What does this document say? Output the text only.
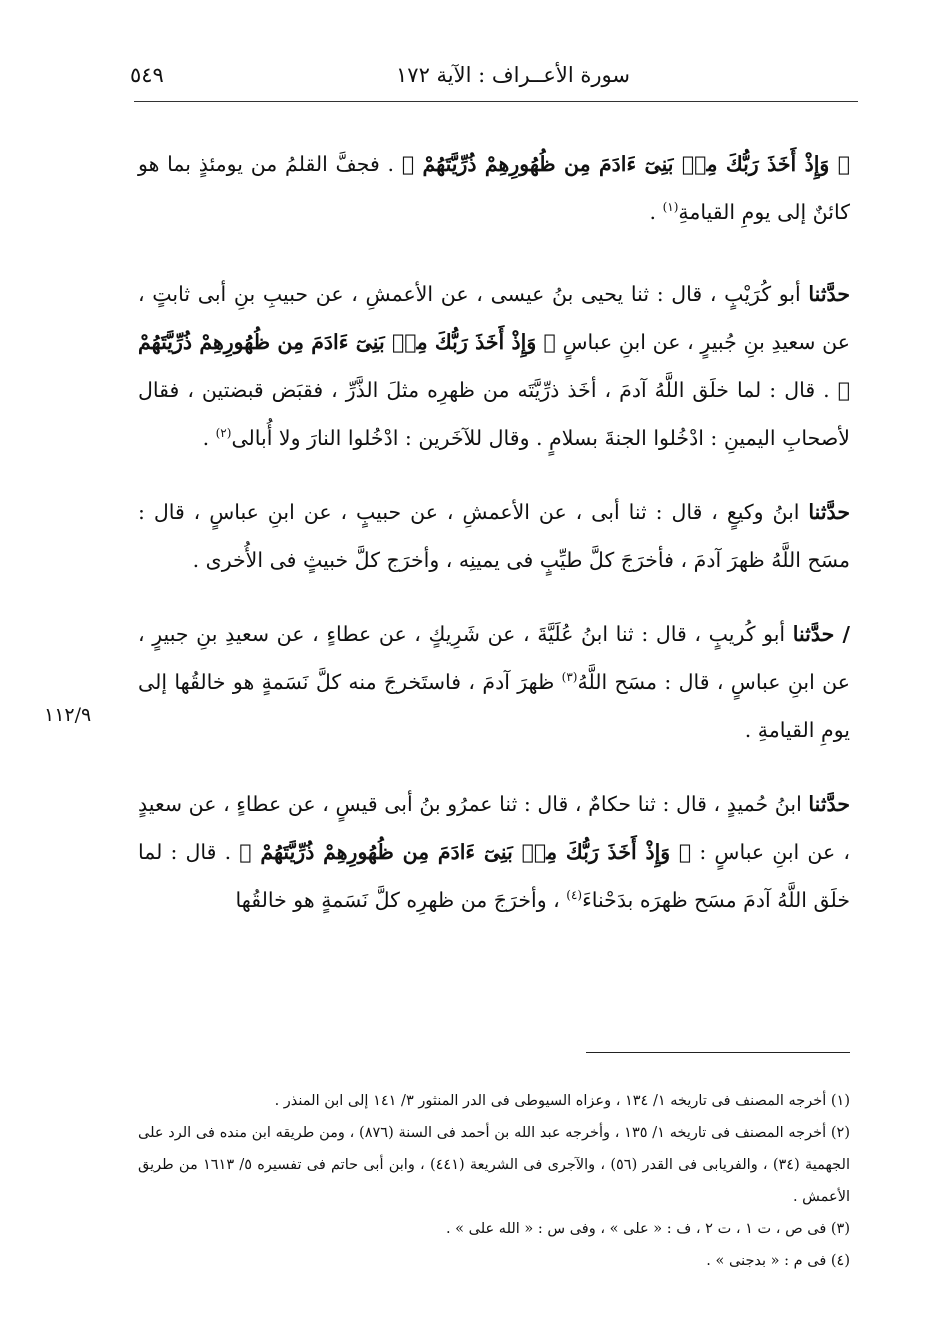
سورة الأعــراف : الآية ١٧٢
٥٤٩
١١٢/٩

﴿ وَإِذْ أَخَذَ رَبُّكَ مِنۢ بَنِىٓ ءَادَمَ مِن ظُهُورِهِمْ ذُرِّيَّتَهُمْ ﴾ . فجفَّ القلمُ من يومئذٍ بما هو كائنٌ إلى يومِ القيامةِ$^{(١)}$ .

حدَّثنا أبو كُرَيْبٍ ، قال : ثنا يحيى بنُ عيسى ، عن الأعمشِ ، عن حبيبِ بنِ أبى ثابتٍ ، عن سعيدِ بنِ جُبيرٍ ، عن ابنِ عباسٍ ﴿ وَإِذْ أَخَذَ رَبُّكَ مِنۢ بَنِىٓ ءَادَمَ مِن ظُهُورِهِمْ ذُرِّيَّتَهُمْ ﴾ . قال : لما خلَق اللَّهُ آدمَ ، أخَذ ذرِّيَّتَه من ظهرِه مثلَ الذَّرِّ ، فقبَض قبضتين ، فقال لأصحابِ اليمينِ : ادْخُلوا الجنةَ بسلامٍ . وقال للآخَرين : ادْخُلوا النارَ ولا أُبالى$^{(٢)}$ .

حدَّثنا ابنُ وكيعٍ ، قال : ثنا أبى ، عن الأعمشِ ، عن حبيبٍ ، عن ابنِ عباسٍ ، قال : مسَح اللَّهُ ظهرَ آدمَ ، فأخرَجَ كلَّ طيِّبٍ فى يمينِه ، وأخرَج كلَّ خبيثٍ فى الأُخرى .

/ حدَّثنا أبو كُريبٍ ، قال : ثنا ابنُ عُلَيَّةَ ، عن شَرِيكٍ ، عن عطاءٍ ، عن سعيدِ بنِ جبيرٍ ، عن ابنِ عباسٍ ، قال : مسَح اللَّهُ$^{(٣)}$ ظهرَ آدمَ ، فاستَخرجَ منه كلَّ نَسَمةٍ هو خالقُها إلى يومِ القيامةِ .

حدَّثنا ابنُ حُميدٍ ، قال : ثنا حكامٌ ، قال : ثنا عمرُو بنُ أبى قيسٍ ، عن عطاءٍ ، عن سعيدٍ ، عن ابنِ عباسٍ : ﴿ وَإِذْ أَخَذَ رَبُّكَ مِنۢ بَنِىٓ ءَادَمَ مِن ظُهُورِهِمْ ذُرِّيَّتَهُمْ ﴾ . قال : لما خلَق اللَّهُ آدمَ مسَح ظهرَه بدَحْناءَ$^{(٤)}$ ، وأخرَجَ من ظهرِه كلَّ نَسَمةٍ هو خالقُها

(١) أخرجه المصنف فى تاريخه ١/ ١٣٤ ، وعزاه السيوطى فى الدر المنثور ٣/ ١٤١ إلى ابن المنذر .

(٢) أخرجه المصنف فى تاريخه ١/ ١٣٥ ، وأخرجه عبد الله بن أحمد فى السنة (٨٧٦) ، ومن طريقه ابن منده فى الرد على الجهمية (٣٤) ، والفريابى فى القدر (٥٦) ، والآجرى فى الشريعة (٤٤١) ، وابن أبى حاتم فى تفسيره ٥/ ١٦١٣ من طريق الأعمش .

(٣) فى ص ، ت ١ ، ت ٢ ، ف : « على » ، وفى س : « الله على » .

(٤) فى م : « بدجنى » .
